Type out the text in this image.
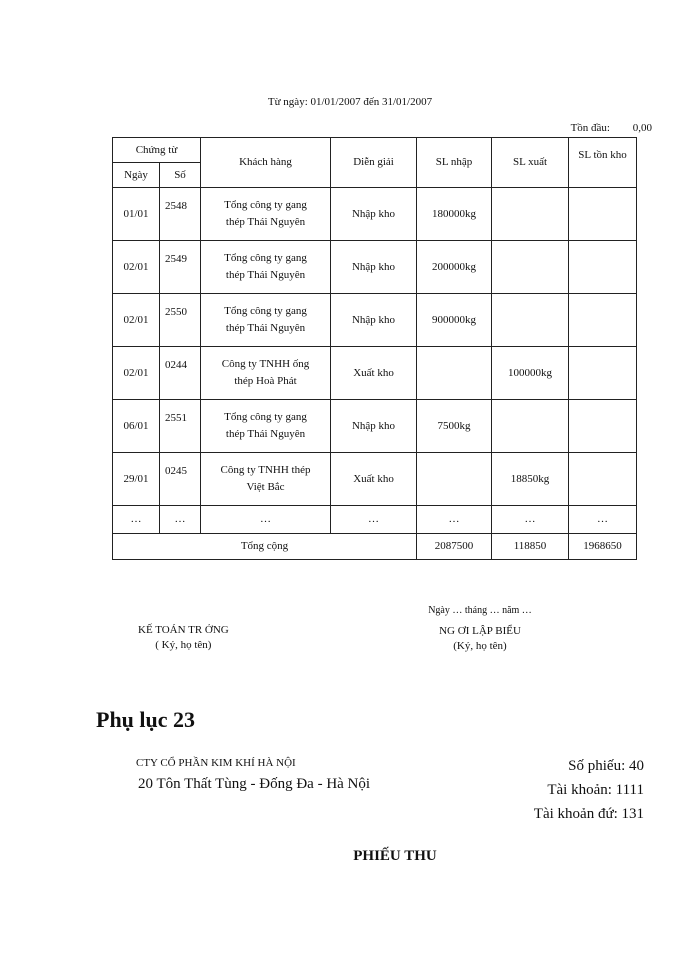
Từ ngày: 01/01/2007 đến 31/01/2007
Tồn đầu: 0,00
Chứng từ		Khách hàng	Diễn giải	SL nhập	SL xuất	SL tồn kho
Ngày	Số					
01/01	2548	Tổng công ty gang
thép Thái Nguyên	Nhập kho	180000kg		
02/01	2549	Tổng công ty gang
thép Thái Nguyên	Nhập kho	200000kg		
02/01	2550	Tổng công ty gang
thép Thái Nguyên	Nhập kho	900000kg		
02/01	0244	Công ty TNHH ống
thép Hoà Phát	Xuất kho		100000kg	
06/01	2551	Tổng công ty gang
thép Thái Nguyên	Nhập kho	7500kg		
29/01	0245	Công ty TNHH thép
Việt Bắc	Xuất kho		18850kg	
…	…	…	…	…	…	…
Tổng cộng				2087500	118850	1968650
KẾ TOÁN TR ỞNG
( Ký, họ tên)
Ngày … tháng … năm …
NG ƠI LẬP BIỂU
(Ký, họ tên)
Phụ lục 23
CTY CỔ PHẦN KIM KHÍ HÀ NỘI
20 Tôn Thất Tùng - Đống Đa - Hà Nội
Số phiếu: 40
Tài khoản: 1111
Tài khoản đứ: 131
PHIẾU THU
